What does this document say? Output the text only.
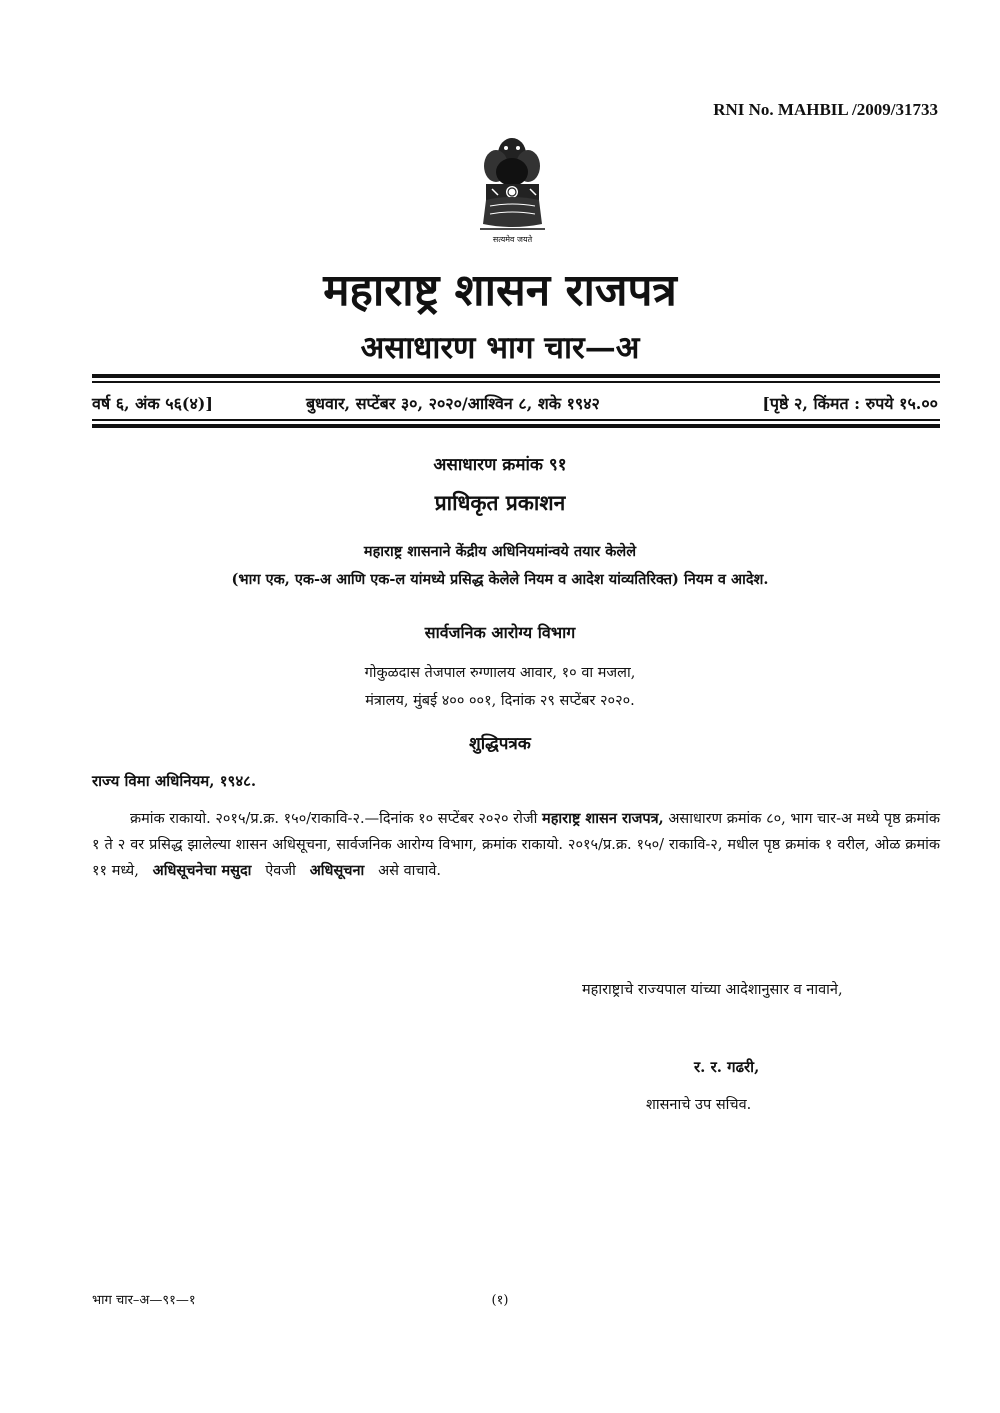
RNI No. MAHBIL /2009/31733
सत्यमेव जयते
महाराष्ट्र शासन राजपत्र
असाधारण भाग चार—अ
वर्ष ६, अंक ५६(४)]	बुधवार, सप्टेंबर ३०, २०२०/आश्विन ८, शके १९४२	[पृष्ठे २, किंमत : रुपये १५.००
असाधारण क्रमांक ९१
प्राधिकृत प्रकाशन
महाराष्ट्र शासनाने केंद्रीय अधिनियमांन्वये तयार केलेले
(भाग एक, एक-अ आणि एक-ल यांमध्ये प्रसिद्ध केलेले नियम व आदेश यांव्यतिरिक्त) नियम व आदेश.
सार्वजनिक आरोग्य विभाग
गोकुळदास तेजपाल रुग्णालय आवार, १० वा मजला,
मंत्रालय, मुंबई ४०० ००१, दिनांक २९ सप्टेंबर २०२०.
शुद्धिपत्रक
राज्य विमा अधिनियम, १९४८.
क्रमांक राकायो. २०१५/प्र.क्र. १५०/राकावि-२.—दिनांक १० सप्टेंबर २०२० रोजी महाराष्ट्र शासन राजपत्र, असाधारण क्रमांक ८०, भाग चार-अ मध्ये पृष्ठ क्रमांक १ ते २ वर प्रसिद्ध झालेल्या शासन अधिसूचना, सार्वजनिक आरोग्य विभाग, क्रमांक राकायो. २०१५/प्र.क्र. १५०/ राकावि-२, मधील पृष्ठ क्रमांक १ वरील, ओळ क्रमांक ११ मध्ये, अधिसूचनेचा मसुदा ऐवजी अधिसूचना असे वाचावे.
महाराष्ट्राचे राज्यपाल यांच्या आदेशानुसार व नावाने,
र. र. गढरी,
शासनाचे उप सचिव.
भाग चार–अ—९१—१	(१)
